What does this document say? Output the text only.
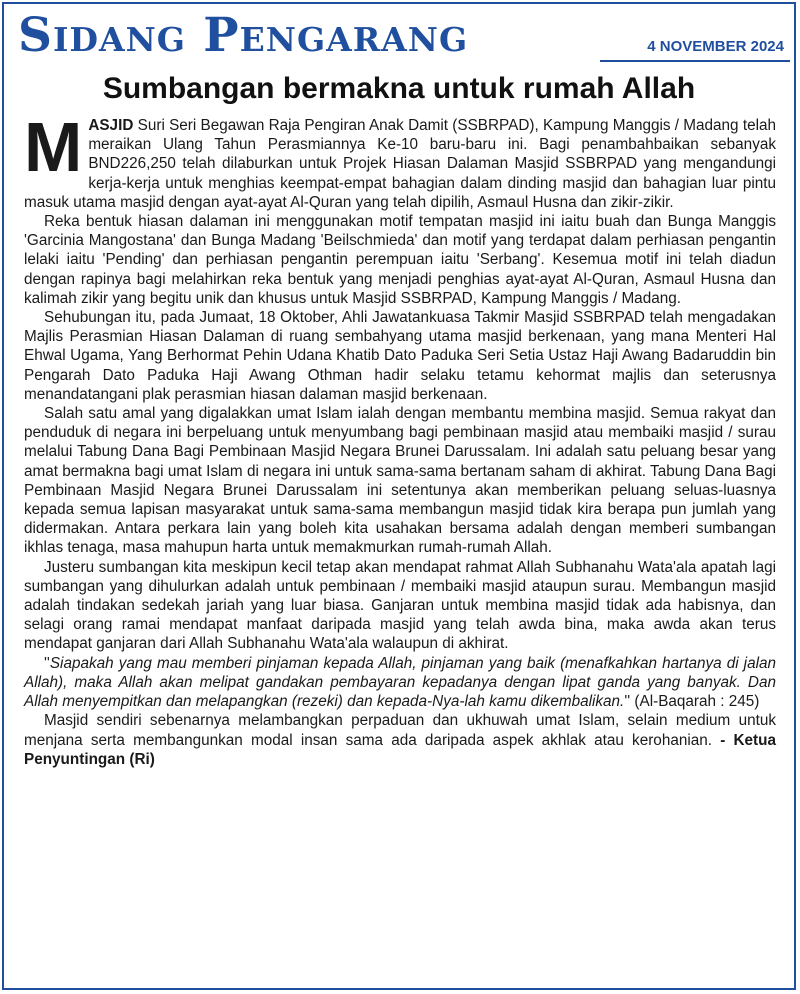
Sidang Pengarang	4 NOVEMBER 2024
Sumbangan bermakna untuk rumah Allah

M ASJID Suri Seri Begawan Raja Pengiran Anak Damit (SSBRPAD), Kampung Manggis / Madang telah meraikan Ulang Tahun Perasmiannya Ke-10 baru-baru ini. Bagi penambahbaikan sebanyak BND226,250 telah dilaburkan untuk Projek Hiasan Dalaman Masjid SSBRPAD yang mengandungi kerja-kerja untuk menghias keempat-empat bahagian dalam dinding masjid dan bahagian luar pintu masuk utama masjid dengan ayat-ayat Al-Quran yang telah dipilih, Asmaul Husna dan zikir-zikir.

Reka bentuk hiasan dalaman ini menggunakan motif tempatan masjid ini iaitu buah dan Bunga Manggis 'Garcinia Mangostana' dan Bunga Madang 'Beilschmieda' dan motif yang terdapat dalam perhiasan pengantin lelaki iaitu 'Pending' dan perhiasan pengantin perempuan iaitu 'Serbang'. Kesemua motif ini telah diadun dengan rapinya bagi melahirkan reka bentuk yang menjadi penghias ayat-ayat Al-Quran, Asmaul Husna dan kalimah zikir yang begitu unik dan khusus untuk Masjid SSBRPAD, Kampung Manggis / Madang.

Sehubungan itu, pada Jumaat, 18 Oktober, Ahli Jawatankuasa Takmir Masjid SSBRPAD telah mengadakan Majlis Perasmian Hiasan Dalaman di ruang sembahyang utama masjid berkenaan, yang mana Menteri Hal Ehwal Ugama, Yang Berhormat Pehin Udana Khatib Dato Paduka Seri Setia Ustaz Haji Awang Badaruddin bin Pengarah Dato Paduka Haji Awang Othman hadir selaku tetamu kehormat majlis dan seterusnya menandatangani plak perasmian hiasan dalaman masjid berkenaan.

Salah satu amal yang digalakkan umat Islam ialah dengan membantu membina masjid. Semua rakyat dan penduduk di negara ini berpeluang untuk menyumbang bagi pembinaan masjid atau membaiki masjid / surau melalui Tabung Dana Bagi Pembinaan Masjid Negara Brunei Darussalam. Ini adalah satu peluang besar yang amat bermakna bagi umat Islam di negara ini untuk sama-sama bertanam saham di akhirat. Tabung Dana Bagi Pembinaan Masjid Negara Brunei Darussalam ini setentunya akan memberikan peluang seluas-luasnya kepada semua lapisan masyarakat untuk sama-sama membangun masjid tidak kira berapa pun jumlah yang didermakan. Antara perkara lain yang boleh kita usahakan bersama adalah dengan memberi sumbangan ikhlas tenaga, masa mahupun harta untuk memakmurkan rumah-rumah Allah.

Justeru sumbangan kita meskipun kecil tetap akan mendapat rahmat Allah Subhanahu Wata'ala apatah lagi sumbangan yang dihulurkan adalah untuk pembinaan / membaiki masjid ataupun surau. Membangun masjid adalah tindakan sedekah jariah yang luar biasa. Ganjaran untuk membina masjid tidak ada habisnya, dan selagi orang ramai mendapat manfaat daripada masjid yang telah awda bina, maka awda akan terus mendapat ganjaran dari Allah Subhanahu Wata'ala walaupun di akhirat.

''Siapakah yang mau memberi pinjaman kepada Allah, pinjaman yang baik (menafkahkan hartanya di jalan Allah), maka Allah akan melipat gandakan pembayaran kepadanya dengan lipat ganda yang banyak. Dan Allah menyempitkan dan melapangkan (rezeki) dan kepada-Nya-lah kamu dikembalikan.'' (Al-Baqarah : 245)

Masjid sendiri sebenarnya melambangkan perpaduan dan ukhuwah umat Islam, selain medium untuk menjana serta membangunkan modal insan sama ada daripada aspek akhlak atau kerohanian. - Ketua Penyuntingan (Ri)
